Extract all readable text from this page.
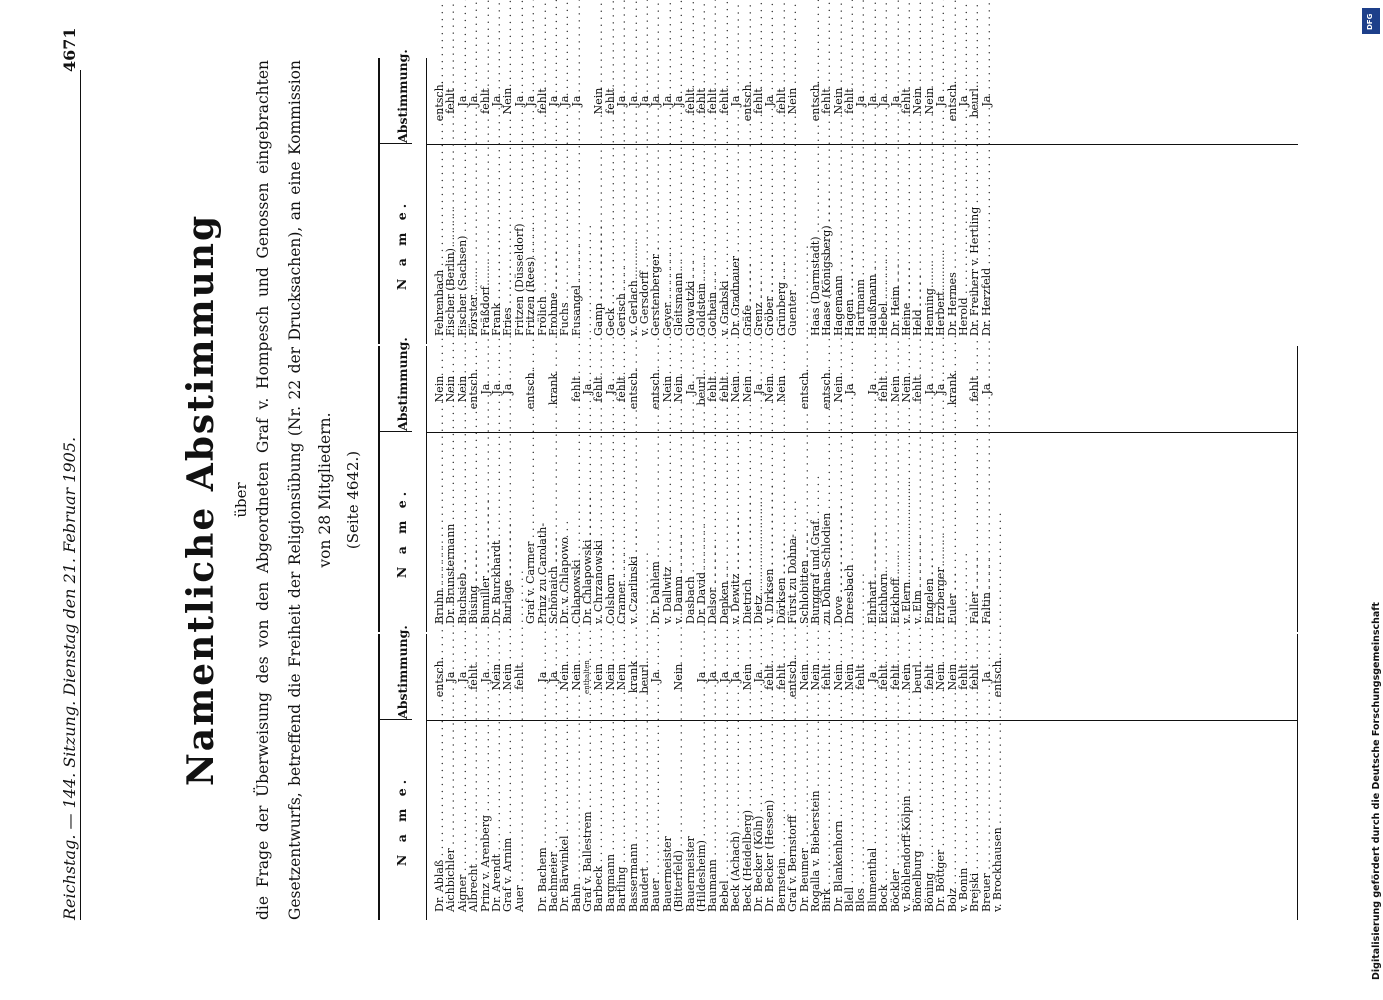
Reichstag. — 144. Sitzung. Dienstag den 21. Februar 1905.
4671
Namentliche Abstimmung über die Frage der Überweisung des von den Abgeordneten Graf v. Hompesch und Genossen eingebrachten Gesetzentwurfs, betreffend die Freiheit der Religionsübung (Nr. 22 der Drucksachen), an eine Kommission von 28 Mitgliedern. (Seite 4642.)
N a m e.
Abstimmung.
Dr. Ablaß . . .
entsch.
Aichbichler . . .
Ja
Aigner . . .
Ja
Albrecht . . .
fehlt
Prinz v. Arenberg . . .
Ja
Dr. Arendt . . .
Nein
Graf v. Arnim . . .
Nein
Auer . . .
fehlt
Dr. Bachem . . .
Ja
Bachmeier . . .
Ja
Dr. Bärwinkel . . .
Nein
Bahn . . .
Nein
Graf v. Ballestrem . . .
enthalten
Barbeck . . .
Nein
Bargmann . . .
Nein
Bartling . . .
Nein
Bassermann . . .
krank
Baudert . . .
beurl.
Bauer . . .
Ja
Bauermeister
(Bitterfeld) . . .
Nein
Bauermeister
(Hildesheim) . . .
Ja
Baumann . . .
Ja
Bebel . . .
Ja
Beck (Achach) . . .
Ja
Beck (Heidelberg) . . .
Nein
Dr. Becker (Köln) . . .
Ja
Dr. Becker (Hessen) . . .
fehlt
Bernstein . . .
fehlt
Graf v. Bernstorff . . .
entsch.
Dr. Beumer . . .
Nein
Rogalla v. Bieberstein . . .
Nein
Birk . . .
fehlt
Dr. Blankenhorn . . .
Nein
Blell . . .
Nein
Blos . . .
fehlt
Blumenthal . . .
Ja
Bock . . .
fehlt
Böckler . . .
fehlt
v. Böhlendorff-Kölpin . . .
Nein
Bömelburg . . .
beurl.
Böning . . .
fehlt
Dr. Böttger . . .
Nein
Bolz . . .
Nein
v. Bonin . . .
fehlt
Brejski . . .
fehlt
Breuer . . .
Ja
v. Brockhausen . . .
entsch.
N a m e.
Abstimmung.
Bruhn . . .
Nein
Dr. Brunstermann . . .
Nein
Buchsieb . . .
Nein
Büsing . . .
entsch.
Bumiller . . .
Ja
Dr. Burckhardt . . .
Ja
Burlage . . .
Ja
Graf v. Carmer . . .
entsch.
Prinz zu Carolath-
Schönaich . . .
krank
Dr. v. Chlapowo
Chlapowski . . .
fehlt
Dr. Chlapowski . . .
Ja
v. Chrzanowski . . .
fehlt
Colshorn . . .
Ja
Cramer . . .
fehlt
v. Czarlinski . . .
entsch.
Dr. Dahlem . . .
entsch.
v. Dallwitz . . .
Nein
v. Damm . . .
Nein
Dasbach . . .
Ja
Dr. David . . .
beurl.
Delsor . . .
fehlt
Depken . . .
fehlt
v. Dewitz . . .
Nein
Dietrich . . .
Nein
Dietz . . .
Ja
v. Dirksen . . .
Nein
Dörksen . . .
Nein
Fürst zu Dohna-
Schlobitten . . .
entsch.
Burggraf und Graf
zu Dohna-Schlodien . . .
entsch.
Dove . . .
Nein
Dreesbach . . .
Ja
Ehrhart . . .
Ja
Eichhorn . . .
fehlt
Eickhoff . . .
Nein
v. Elern . . .
Nein
v. Elm . . .
fehlt
Engelen . . .
Ja
Erzberger . . .
Ja
Euler . . .
krank
Faller . . .
fehlt
Faltin . . .
Ja
N a m e.
Abstimmung.
Fehrenbach . . .
entsch.
Fischer (Berlin) . . .
fehlt
Fischer (Sachsen) . . .
Ja
Förster . . .
Ja
Fräßdorf . . .
fehlt
Frank . . .
Ja
Fries . . .
Nein
Fritzen (Düsseldorf) . . .
Ja
Fritzen (Rees) . . .
Ja
Frölich . . .
fehlt
Frohme . . .
Ja
Fuchs . . .
Ja
Fusangel . . .
Ja
Gamp . . .
Nein
Geck . . .
fehlt
Gerisch . . .
Ja
v. Gerlach . . .
Ja
v. Gersdorff . . .
Ja
Gerstenberger . . .
Ja
Geyer . . .
Ja
Gleitsmann . . .
Ja
Glowatzki . . .
fehlt
Goldstein . . .
fehlt
Gothein . . .
fehlt
v. Grabski . . .
fehlt
Dr. Gradnauer . . .
Ja
Gräfe . . .
entsch.
Grenz . . .
fehlt
Gröber . . .
Ja
Grünberg . . .
fehlt
Guenter . . .
Nein
Haas (Darmstadt) . . .
entsch.
Haase (Königsberg) . . .
fehlt
Hagemann . . .
Nein
Hagen . . .
fehlt
Hartmann . . .
Ja
Haußmann . . .
Ja
Hebel . . .
Ja
Dr. Heim . . .
Ja
Heine . . .
fehlt
Held . . .
Nein
Henning . . .
Nein
Herbert . . .
Ja
Dr. Hermes . . .
entsch.
Herold . . .
Ja
Dr. Freiherr v. Hertling . . .
beurl.
Dr. Herzfeld . . .
Ja
Digitalisierung gefördert durch die Deutsche Forschungsgemeinschaft
DFG
